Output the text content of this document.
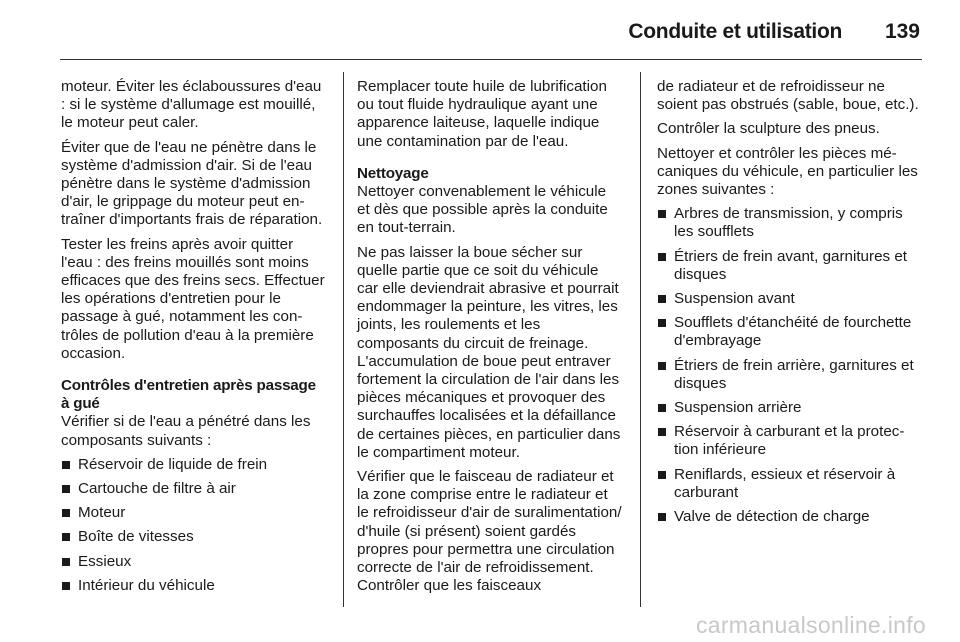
Conduite et utilisation 139

moteur. Éviter les éclaboussures d'eau : si le système d'allumage est mouillé, le moteur peut caler.

Éviter que de l'eau ne pénètre dans le système d'admission d'air. Si de l'eau pénètre dans le système d'admission d'air, le grippage du moteur peut entraîner d'importants frais de réparation.

Tester les freins après avoir quitter l'eau : des freins mouillés sont moins efficaces que des freins secs. Effectuer les opérations d'entretien pour le passage à gué, notamment les contrôles de pollution d'eau à la première occasion.

Contrôles d'entretien après passage à gué

Vérifier si de l'eau a pénétré dans les composants suivants :

Réservoir de liquide de frein
Cartouche de filtre à air
Moteur
Boîte de vitesses
Essieux
Intérieur du véhicule

Remplacer toute huile de lubrification ou tout fluide hydraulique ayant une apparence laiteuse, laquelle indique une contamination par de l'eau.

Nettoyage

Nettoyer convenablement le véhicule et dès que possible après la conduite en tout-terrain.

Ne pas laisser la boue sécher sur quelle partie que ce soit du véhicule car elle deviendrait abrasive et pourrait endommager la peinture, les vitres, les joints, les roulements et les composants du circuit de freinage. L'accumulation de boue peut entraver fortement la circulation de l'air dans les pièces mécaniques et provoquer des surchauffes localisées et la défaillance de certaines pièces, en particulier dans le compartiment moteur.

Vérifier que le faisceau de radiateur et la zone comprise entre le radiateur et le refroidisseur d'air de suralimentation/ d'huile (si présent) soient gardés propres pour permettra une circulation correcte de l'air de refroidissement. Contrôler que les faisceaux

de radiateur et de refroidisseur ne soient pas obstrués (sable, boue, etc.).

Contrôler la sculpture des pneus.

Nettoyer et contrôler les pièces mécaniques du véhicule, en particulier les zones suivantes :

Arbres de transmission, y compris les soufflets
Étriers de frein avant, garnitures et disques
Suspension avant
Soufflets d'étanchéité de fourchette d'embrayage
Étriers de frein arrière, garnitures et disques
Suspension arrière
Réservoir à carburant et la protection inférieure
Reniflards, essieux et réservoir à carburant
Valve de détection de charge
carmanualsonline.info
